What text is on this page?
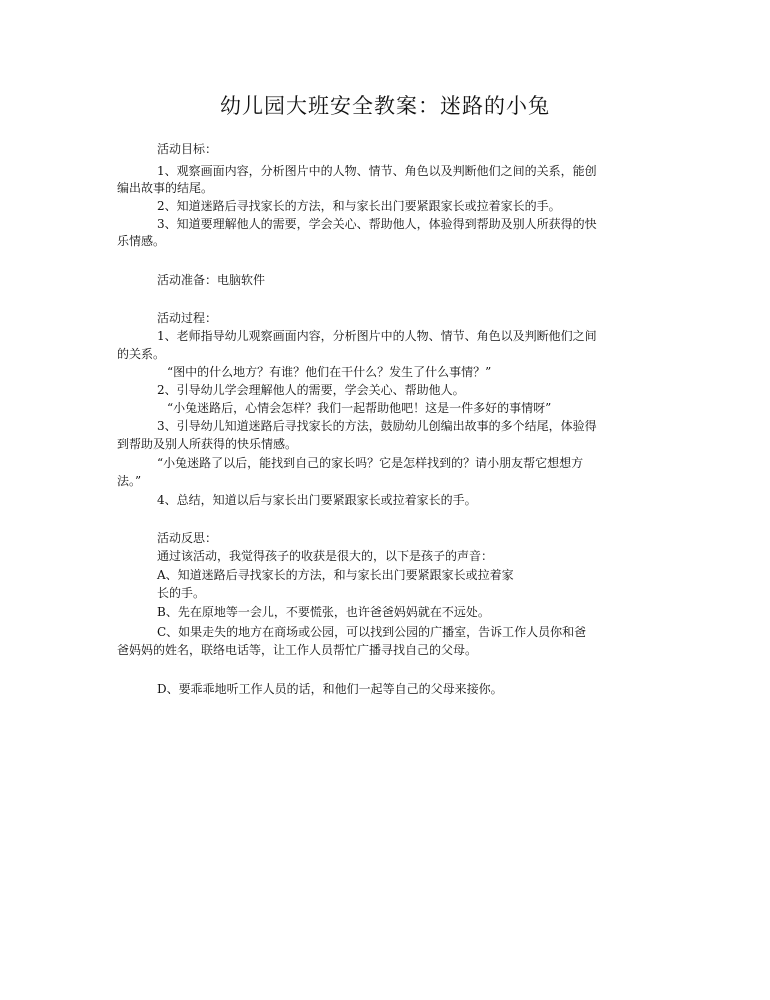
幼儿园大班安全教案：迷路的小兔
活动目标：
1、观察画面内容，分析图片中的人物、情节、角色以及判断他们之间的关系，能创
编出故事的结尾。
2、知道迷路后寻找家长的方法，和与家长出门要紧跟家长或拉着家长的手。
3、知道要理解他人的需要，学会关心、帮助他人，体验得到帮助及别人所获得的快
乐情感。
活动准备：电脑软件
活动过程：
1、老师指导幼儿观察画面内容，分析图片中的人物、情节、角色以及判断他们之间
的关系。
“图中的什么地方？有谁？他们在干什么？发生了什么事情？”
2、引导幼儿学会理解他人的需要，学会关心、帮助他人。
“小兔迷路后，心情会怎样？我们一起帮助他吧！这是一件多好的事情呀”
3、引导幼儿知道迷路后寻找家长的方法，鼓励幼儿创编出故事的多个结尾，体验得
到帮助及别人所获得的快乐情感。
“小兔迷路了以后，能找到自己的家长吗？它是怎样找到的？请小朋友帮它想想方
法。”
4、总结，知道以后与家长出门要紧跟家长或拉着家长的手。
活动反思：
通过该活动，我觉得孩子的收获是很大的，以下是孩子的声音：
A、知道迷路后寻找家长的方法，和与家长出门要紧跟家长或拉着家
长的手。
B、先在原地等一会儿，不要慌张，也许爸爸妈妈就在不远处。
C、如果走失的地方在商场或公园，可以找到公园的广播室，告诉工作人员你和爸
爸妈妈的姓名，联络电话等，让工作人员帮忙广播寻找自己的父母。
D、要乖乖地听工作人员的话，和他们一起等自己的父母来接你。
